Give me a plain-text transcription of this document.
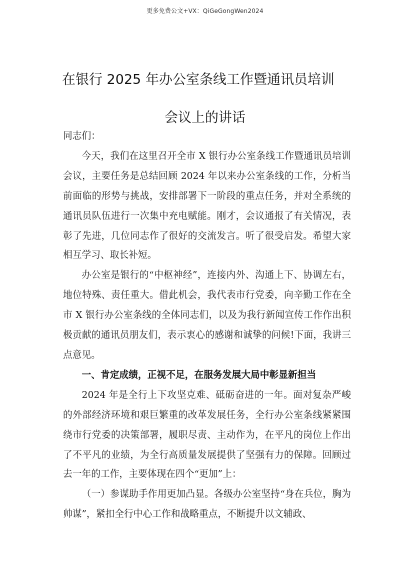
更多免费公文+VX：QiGeGongWen2024
在银行 2025 年办公室条线工作暨通讯员培训
会议上的讲话

同志们：

今天，我们在这里召开全市 X 银行办公室条线工作暨通讯员培训会议，主要任务是总结回顾 2024 年以来办公室条线的工作，分析当前面临的形势与挑战，安排部署下一阶段的重点任务，并对全系统的通讯员队伍进行一次集中充电赋能。刚才，会议通报了有关情况，表彰了先进，几位同志作了很好的交流发言。听了很受启发。希望大家相互学习、取长补短。

办公室是银行的“中枢神经”，连接内外、沟通上下、协调左右，地位特殊、责任重大。借此机会，我代表市行党委，向辛勤工作在全市 X 银行办公室条线的全体同志们，以及为我行新闻宣传工作作出积极贡献的通讯员朋友们，表示衷心的感谢和诚挚的问候!下面，我讲三点意见。

一、肯定成绩，正视不足，在服务发展大局中彰显新担当

2024 年是全行上下攻坚克难、砥砺奋进的一年。面对复杂严峻的外部经济环境和艰巨繁重的改革发展任务，全行办公室条线紧紧围绕市行党委的决策部署，履职尽责、主动作为，在平凡的岗位上作出了不平凡的业绩，为全行高质量发展提供了坚强有力的保障。回顾过去一年的工作，主要体现在四个“更加”上：

（一）参谋助手作用更加凸显。各级办公室坚持“身在兵位，胸为帅谋”，紧扣全行中心工作和战略重点，不断提升以文辅政、
